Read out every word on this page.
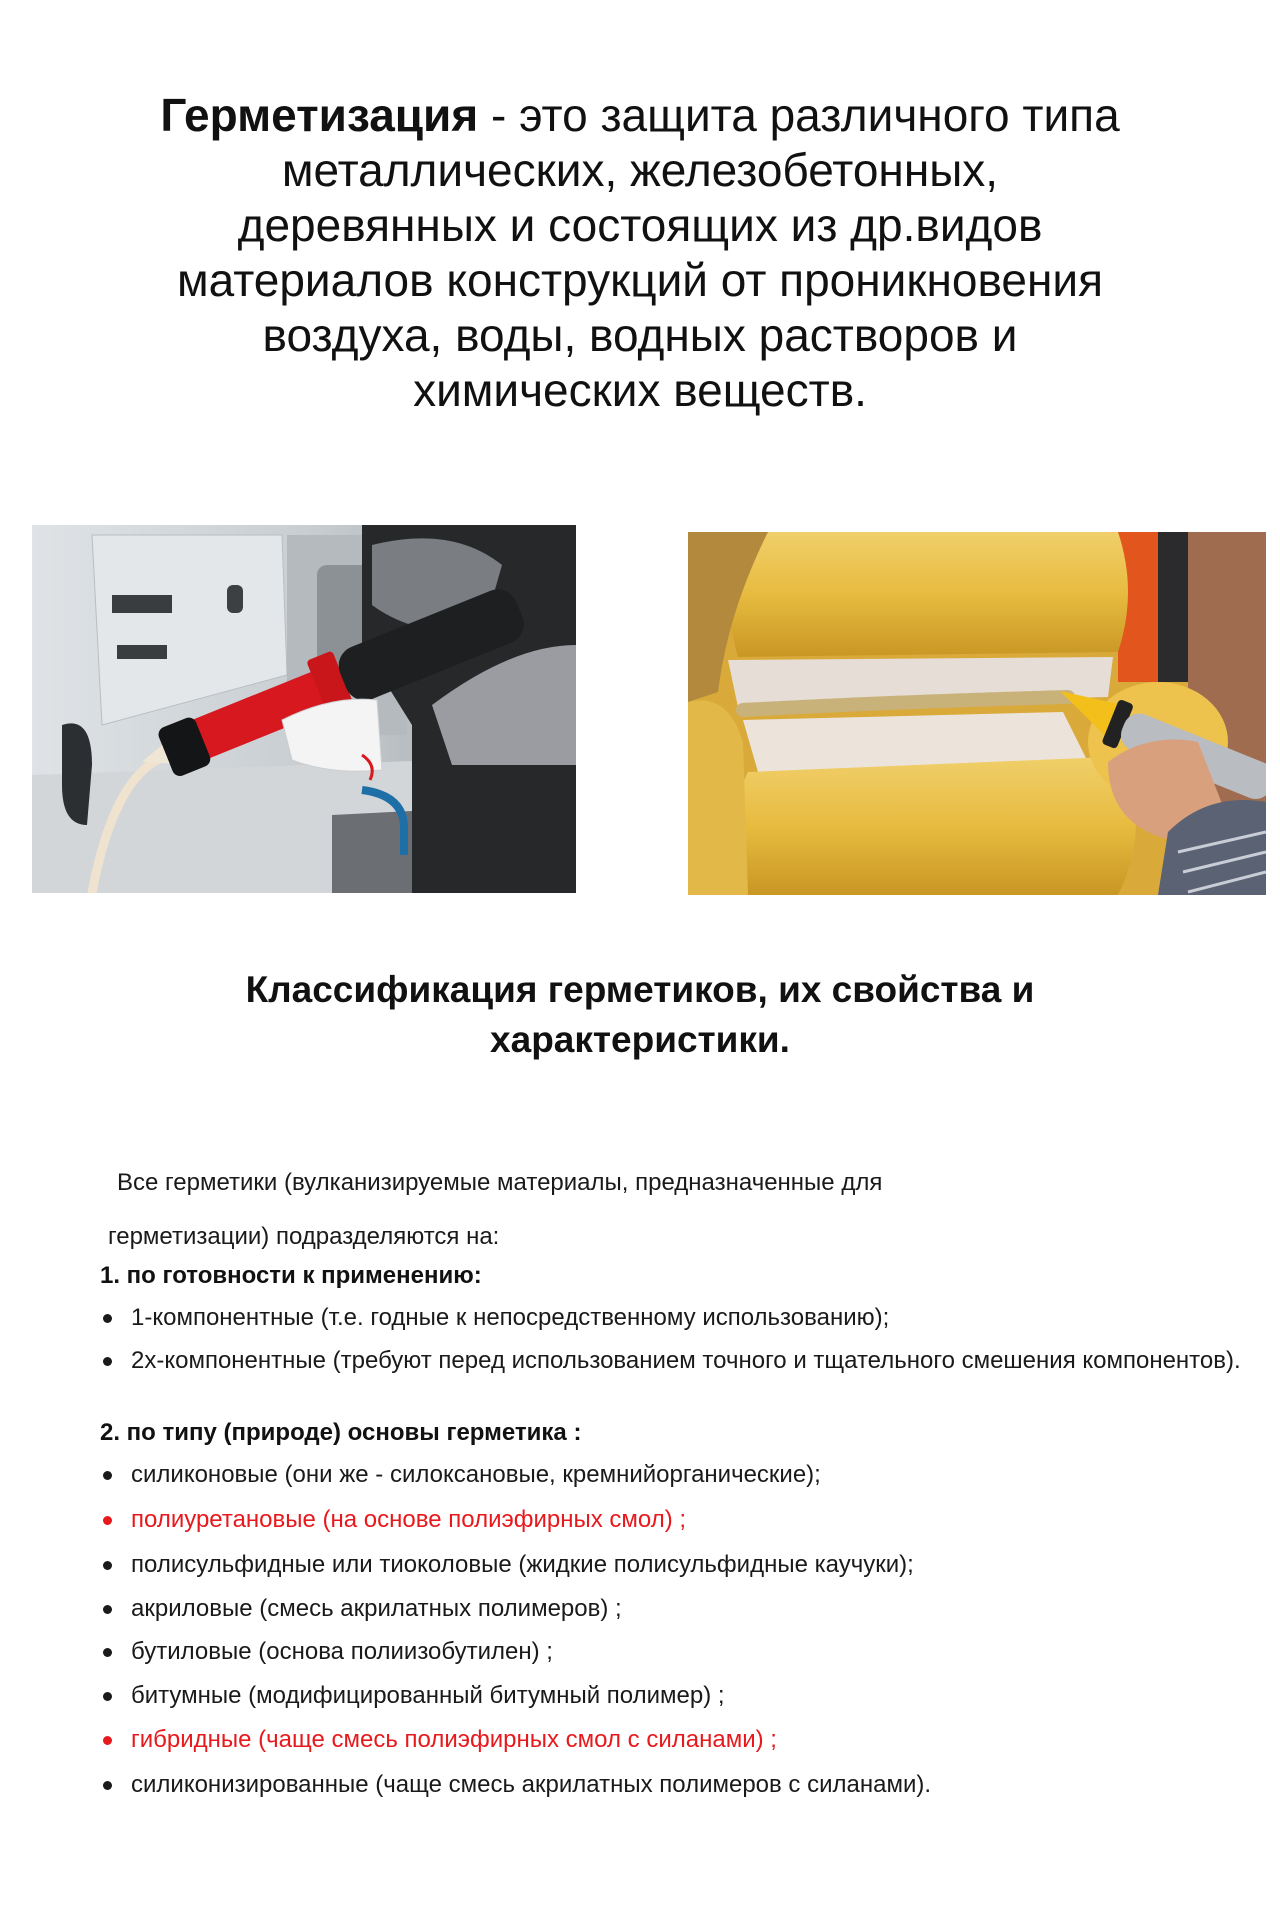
Герметизация - это защита различного типа
металлических, железобетонных,
деревянных и состоящих из др.видов
материалов конструкций от проникновения
воздуха, воды, водных растворов и
химических веществ.
Классификация герметиков, их свойства и
характеристики.
Все герметики (вулканизируемые материалы, предназначенные для
герметизации) подразделяются на:
1. по готовности к применению:
1-компонентные (т.е. годные к непосредственному использованию);
2х-компонентные (требуют перед использованием точного и тщательного смешения компонентов).
2. по типу (природе) основы герметика :
силиконовые (они же - силоксановые, кремнийорганические);
полиуретановые (на основе полиэфирных смол) ;
полисульфидные или тиоколовые (жидкие полисульфидные каучуки);
акриловые (смесь акрилатных полимеров) ;
бутиловые (основа полиизобутилен) ;
битумные (модифицированный битумный полимер) ;
гибридные (чаще смесь полиэфирных смол с силанами) ;
силиконизированные (чаще смесь акрилатных полимеров с силанами).
